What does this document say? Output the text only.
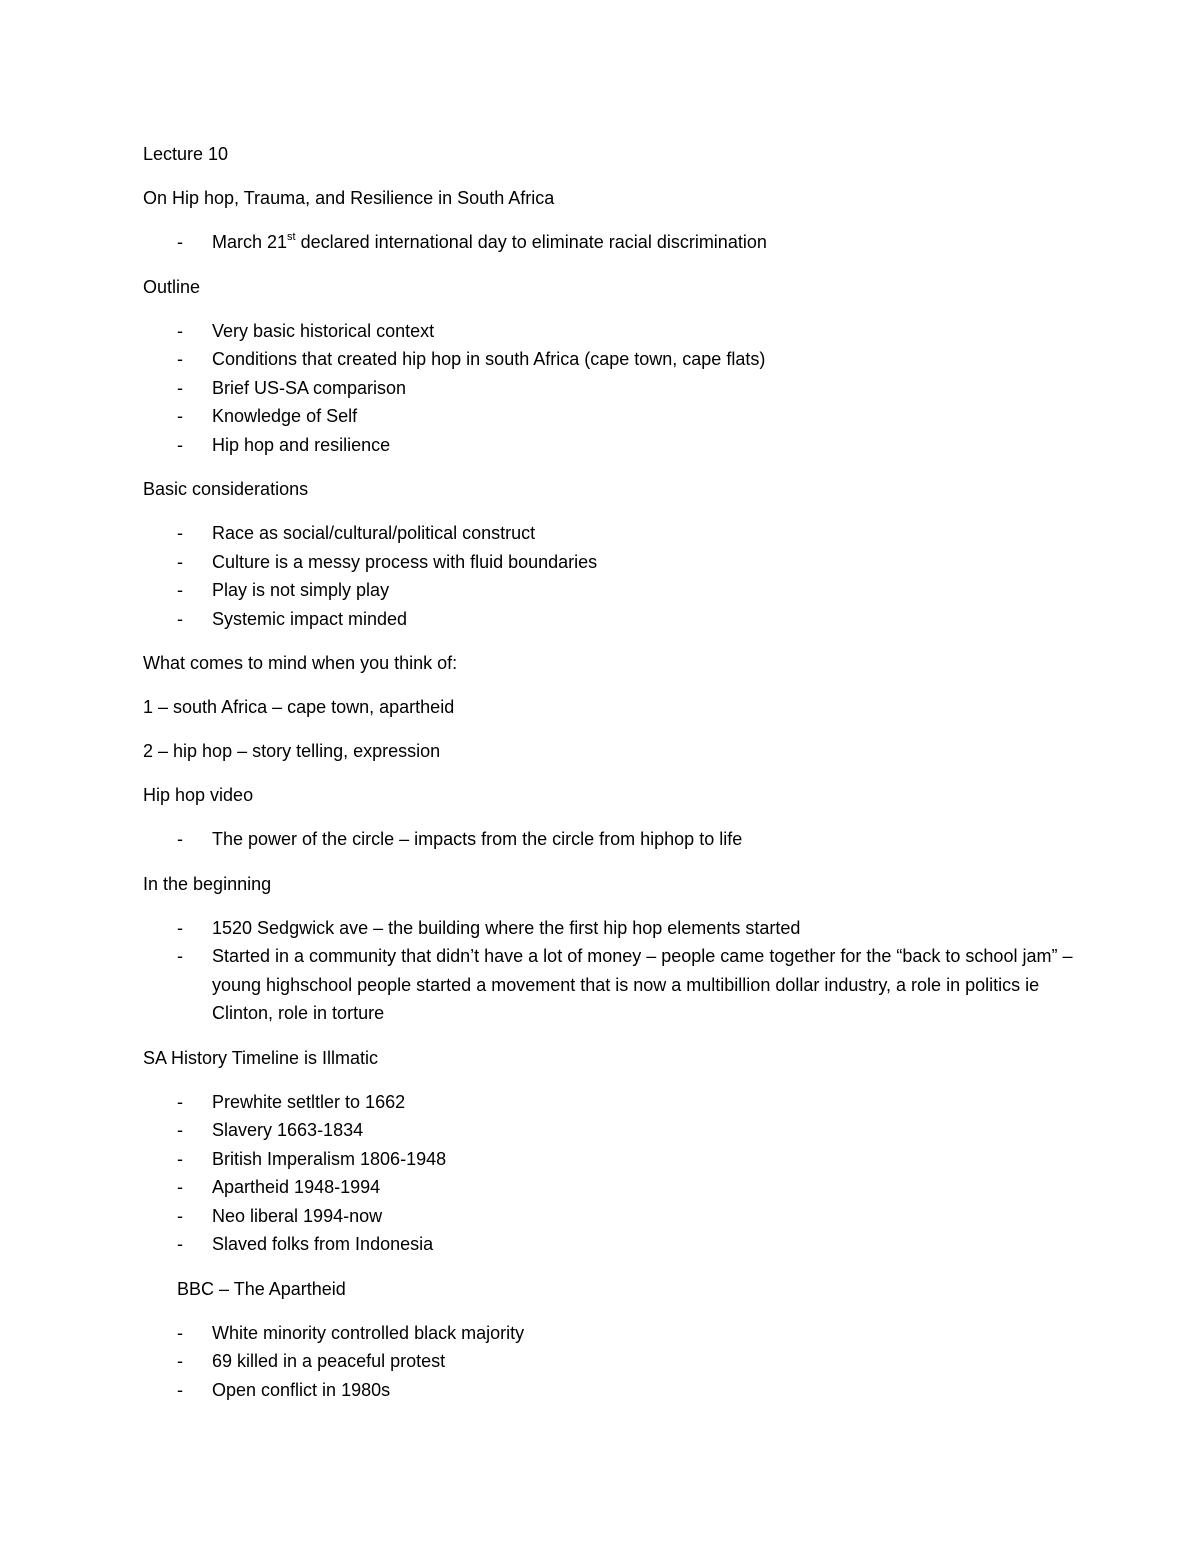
Lecture 10

On Hip hop, Trauma, and Resilience in South Africa

- March 21st declared international day to eliminate racial discrimination

Outline

- Very basic historical context
- Conditions that created hip hop in south Africa (cape town, cape flats)
- Brief US-SA comparison
- Knowledge of Self
- Hip hop and resilience

Basic considerations

- Race as social/cultural/political construct
- Culture is a messy process with fluid boundaries
- Play is not simply play
- Systemic impact minded

What comes to mind when you think of:

1 – south Africa – cape town, apartheid

2 – hip hop – story telling, expression

Hip hop video

- The power of the circle – impacts from the circle from hiphop to life

In the beginning

- 1520 Sedgwick ave – the building where the first hip hop elements started
- Started in a community that didn’t have a lot of money – people came together for the “back to school jam” – young highschool people started a movement that is now a multibillion dollar industry, a role in politics ie Clinton, role in torture

SA History Timeline is Illmatic

- Prewhite setltler to 1662
- Slavery 1663-1834
- British Imperalism 1806-1948
- Apartheid 1948-1994
- Neo liberal 1994-now
- Slaved folks from Indonesia

BBC – The Apartheid

- White minority controlled black majority
- 69 killed in a peaceful protest
- Open conflict in 1980s
